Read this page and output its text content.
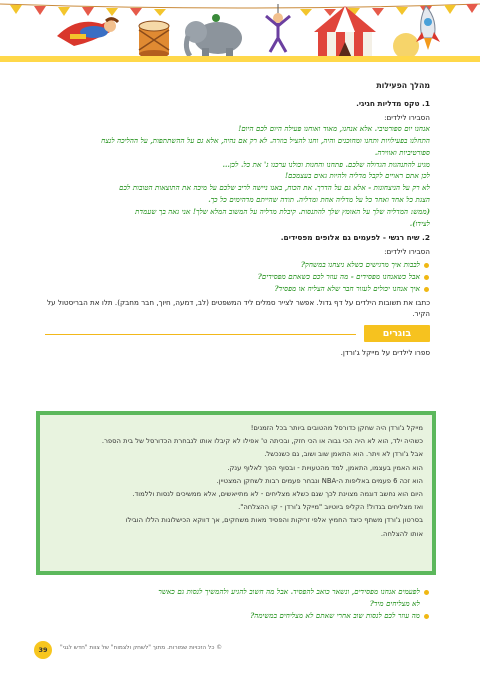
מהלך הפעילות
1. טקס מדליות חגיגי.

הסבירו לילדים:

אנחנו יום ספורטיבי. אלא אנחנו, מאוד ואוחנו פעילה היום לכם היום!

התחלנו בפעילויות ותחנו ומחוכנים והיה, וחנו להציל בוזרה. לא רק אם נהיה, אלא גם על ההשתתפות, על ההליכה לנצח

ספורטיביות ואווירה.

מגיע להתנהגות הגדולה שלכם. פתחנו והחנות וכולנו ערכנו ג' את כל. לכן...

לכן אתם ראויים לקבל מדליה ולהיות גאים בעצמכם!

לא רק על הניצחונות - אלא גם על הדרך. את הכוח, באנו ניישה לריב שלכם על מיכה את התוצאות הטובות לכם

הצגת כל אחד ואחד כל על מדליה אחת ומדליה. תודה שהייתם מדהימים כל כך.

(ממש: המדליה שלך על האומץ שלך להתנסות. קיבלת מדליה על המשוב המלא שלך! אני גאה בך שעמדת

לצידו).

2. שיח רגשי - לפעמים גם אלופים מפסידים.

הסבירו לילדים:

לבבות איך מרגישים כשלא ניצחנו במשחק?
אבל כשאנחנו מפסידים - מה עוזר לכם כשאתם מפסידים?
איך אנחנו יכולים לעזור חבר שלא הצליח או מפסיד?

כתבו את תשובות הילדים על דף גדול. אפשר לצייר סמלים ליד המשפטים (לב, דמעה, חיוך, חבר מחבק). תלו את הבריסטול על הקיר.

בוגרים

ספרו לילדים על מייקל ג'ורדן.

מייקל ג'ורדן היה שחקן כדורסל מהטובים ביותר בכל הזמנים!
כשהיה ילד, הוא לא היה הכי גבוה או הכי חזק, ובכיתה ט' אפילו לא קיבלו אותו לנבחרת הכדורסל של בית הספר.
אבל ג'ורדן לא ויתר. הוא התאמן שוב ושוב, גם כשנכשל.
הוא האמין בעצמו, התאמן, למד מהטעויות - ובסוף הפך לאלוף ענק.
הוא זכה 6 פעמים באליפות ה-NBA ונבחר פעמים רבות לשחקן המצטיין.
היום הוא נחשב דוגמה מצוינת לכך שגם כשלא מצליחים - לא מתייאשים, אלא ממשיכים לנסות וללמוד.
ואז מצליחים בגדול! הקליפ ביוטיוב "מייקל ג'ורדן - קו ההצלחה".
בסרטון ג'ורדן משתף כיצד החמיץ אלפי זריקות והפסיד מאות משחקים, אך דווקא הכישלונות הללו הובילו
אותו להצלחה.
לפעמים אנחנו מפסידים, ונשאר כואב להפסיד. אבל מה חשוב להגיע ולהמשיך לנסות גם כאשר
לא מצליחים מיד?
מה עוזר לכם לנסות שוב אחרי שאתם לא מצליחים במשימה?
39	© כל הזכויות שמורות. מתוך "לשחק ולצמוח" של צוות "חדש לגני"
